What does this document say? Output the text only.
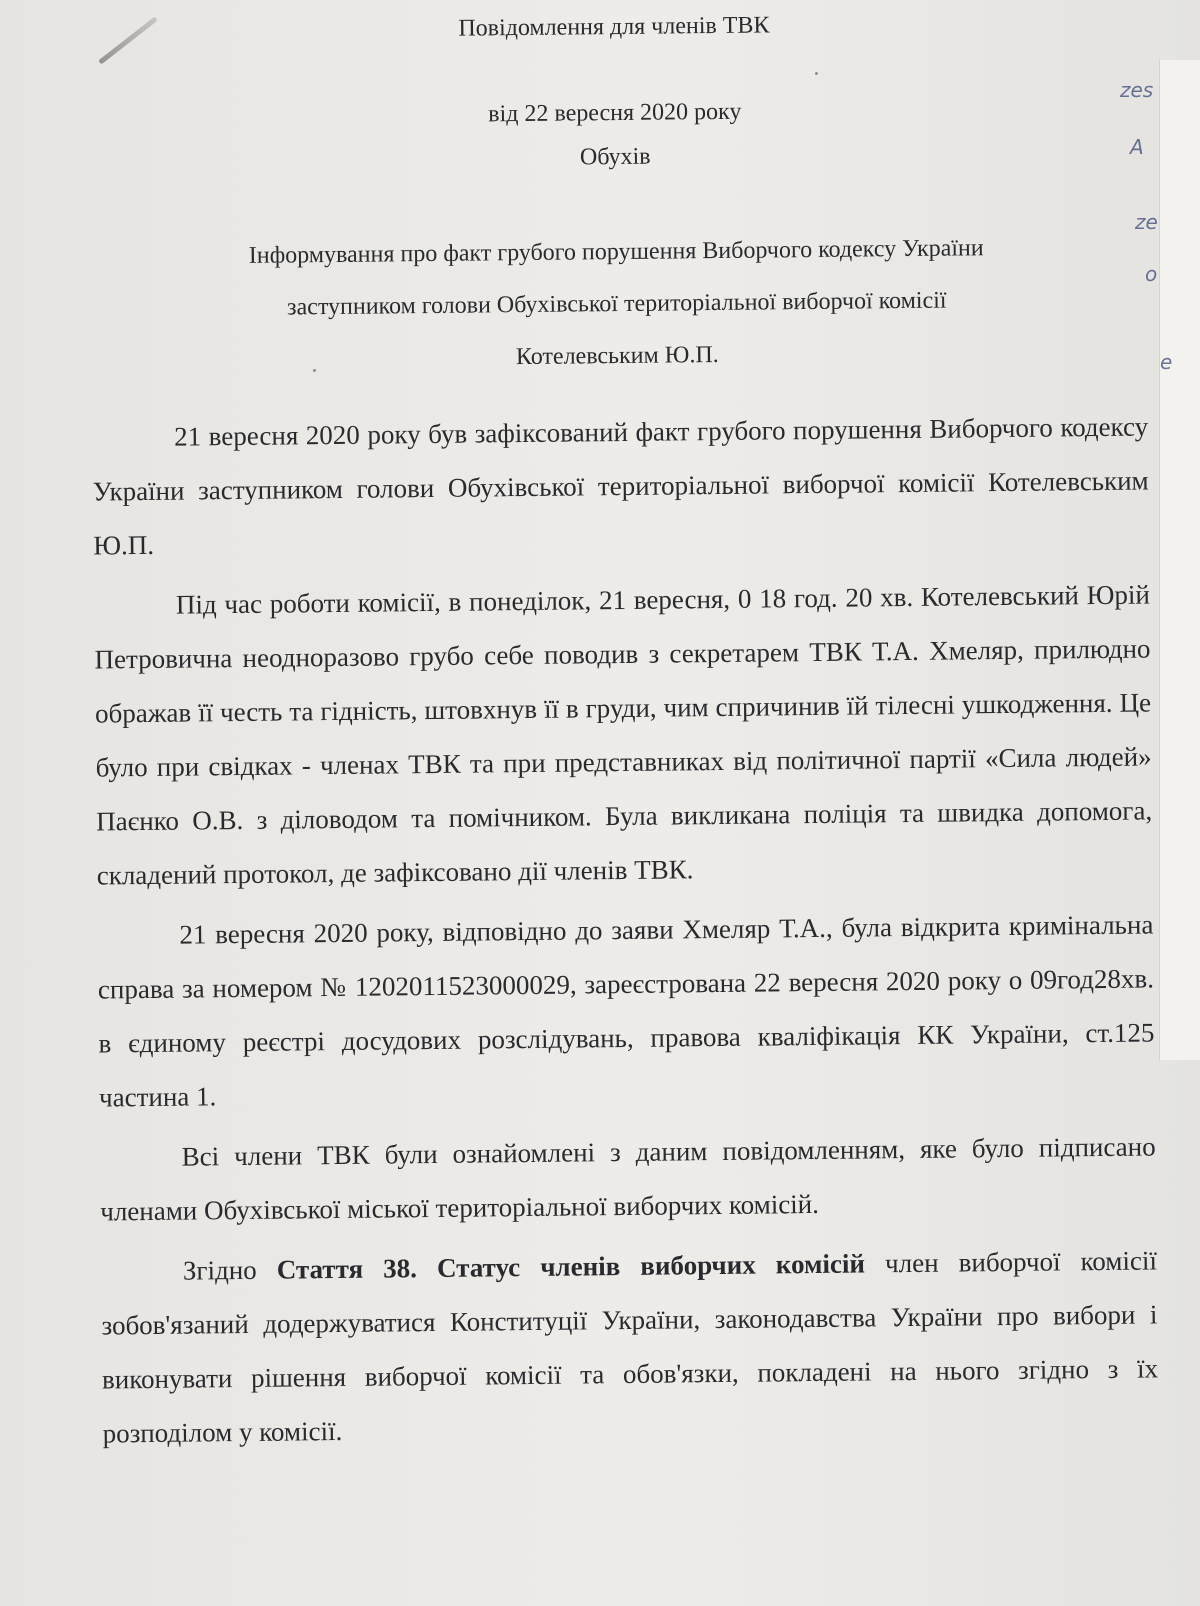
zes
A
ze
o
e

Повідомлення для членів ТВК

від 22 вересня 2020 року

Обухів

Інформування про факт грубого порушення Виборчого кодексу України
заступником голови Обухівської територіальної виборчої комісії
Котелевським Ю.П.

21 вересня 2020 року був зафіксований факт грубого порушення Виборчого кодексу України заступником голови Обухівської територіальної виборчої комісії Котелевським Ю.П.

Під час роботи комісії, в понеділок, 21 вересня, 0 18 год. 20 хв. Котелевський Юрій Петровична неодноразово грубо себе поводив з секретарем ТВК Т.А. Хмеляр, прилюдно ображав її честь та гідність, штовхнув її в груди, чим спричинив їй тілесні ушкодження. Це було при свідках - членах ТВК та при представниках від політичної партії «Сила людей» Паєнко О.В. з діловодом та помічником. Була викликана поліція та швидка допомога, складений протокол, де зафіксовано дії членів ТВК.

21 вересня 2020 року, відповідно до заяви Хмеляр Т.А., була відкрита кримінальна справа за номером № 1202011523000029, зареєстрована 22 вересня 2020 року о 09год28хв. в єдиному реєстрі досудових розслідувань, правова кваліфікація КК України, ст.125 частина 1.

Всі члени ТВК були ознайомлені з даним повідомленням, яке було підписано членами Обухівської міської територіальної виборчих комісій.

Згідно Стаття 38. Статус членів виборчих комісій член виборчої комісії зобов'язаний додержуватися Конституції України, законодавства України про вибори і виконувати рішення виборчої комісії та обов'язки, покладені на нього згідно з їх розподілом у комісії.
